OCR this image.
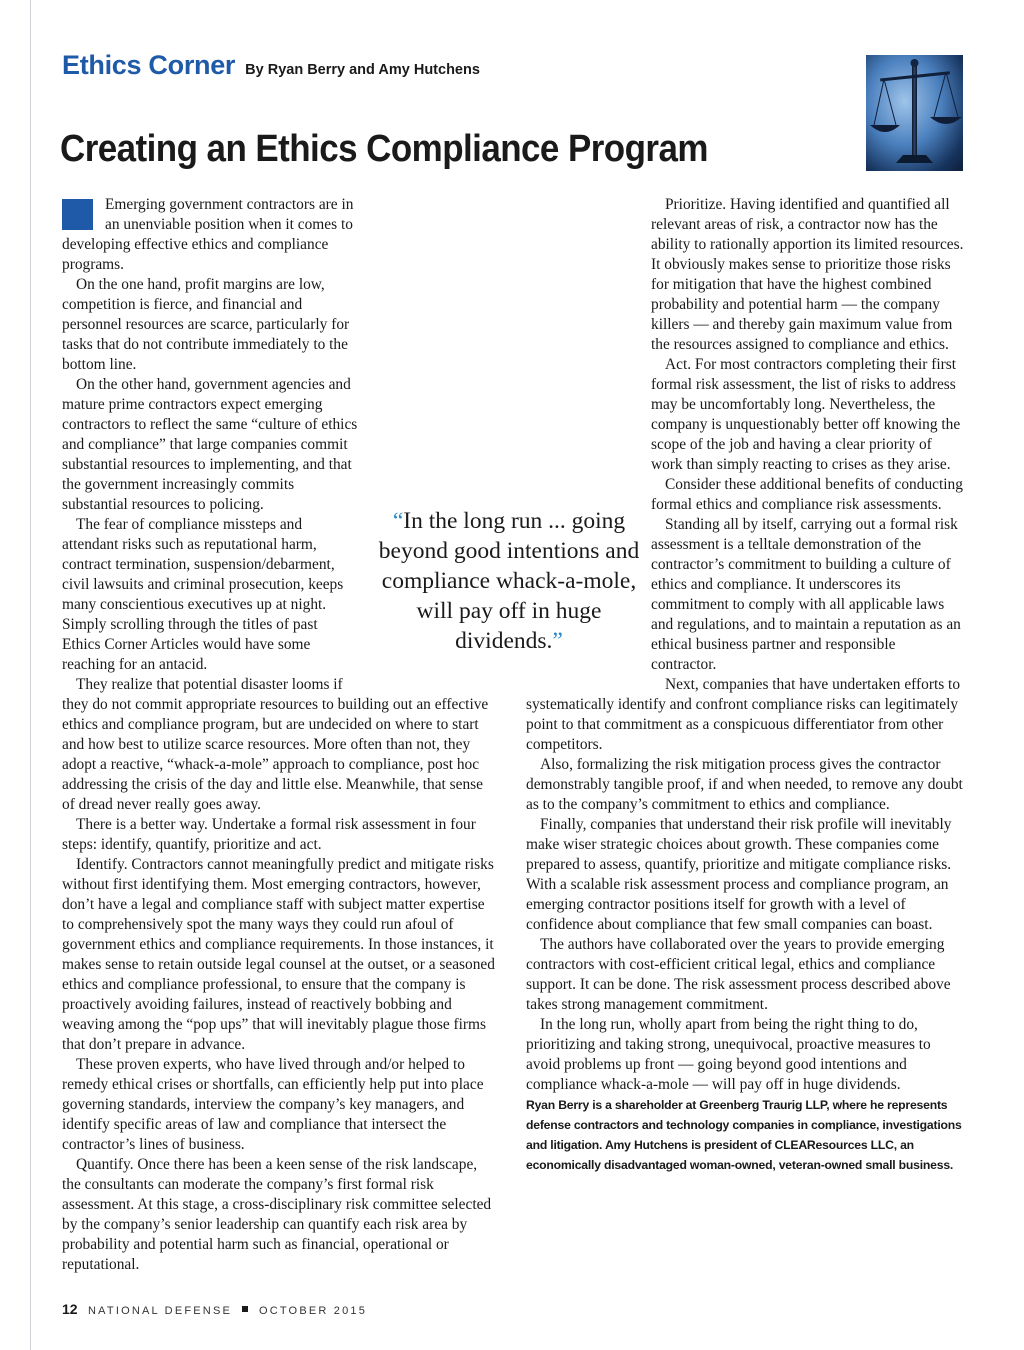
Ethics Corner By Ryan Berry and Amy Hutchens
Creating an Ethics Compliance Program

Emerging government contractors are in an unenviable position when it comes to developing effective ethics and compliance programs.

On the one hand, profit margins are low, competition is fierce, and financial and personnel resources are scarce, particularly for tasks that do not contribute immediately to the bottom line.

On the other hand, government agencies and mature prime contractors expect emerging contractors to reflect the same “culture of ethics and compliance” that large companies commit substantial resources to implementing, and that the government increasingly commits substantial resources to policing.

The fear of compliance missteps and attendant risks such as reputational harm, contract termination, suspension/debarment, civil lawsuits and criminal prosecution, keeps many conscientious executives up at night. Simply scrolling through the titles of past Ethics Corner Articles would have some reaching for an antacid.

They realize that potential disaster looms if they do not commit appropriate resources to building out an effective ethics and compliance program, but are undecided on where to start and how best to utilize scarce resources. More often than not, they adopt a reactive, “whack-a-mole” approach to compliance, post hoc addressing the crisis of the day and little else. Meanwhile, that sense of dread never really goes away.

There is a better way. Undertake a formal risk assessment in four steps: identify, quantify, prioritize and act.

Identify. Contractors cannot meaningfully predict and mitigate risks without first identifying them. Most emerging contractors, however, don’t have a legal and compliance staff with subject matter expertise to comprehensively spot the many ways they could run afoul of government ethics and compliance requirements. In those instances, it makes sense to retain outside legal counsel at the outset, or a seasoned ethics and compliance professional, to ensure that the company is proactively avoiding failures, instead of reactively bobbing and weaving among the “pop ups” that will inevitably plague those firms that don’t prepare in advance.

These proven experts, who have lived through and/or helped to remedy ethical crises or shortfalls, can efficiently help put into place governing standards, interview the company’s key managers, and identify specific areas of law and compliance that intersect the contractor’s lines of business.

Quantify. Once there has been a keen sense of the risk landscape, the consultants can moderate the company’s first formal risk assessment. At this stage, a cross-disciplinary risk committee selected by the company’s senior leadership can quantify each risk area by probability and potential harm such as financial, operational or reputational.

“In the long run ... going beyond good intentions and compliance whack-a-mole, will pay off in huge dividends.”

Prioritize. Having identified and quantified all relevant areas of risk, a contractor now has the ability to rationally apportion its limited resources. It obviously makes sense to prioritize those risks for mitigation that have the highest combined probability and potential harm — the company killers — and thereby gain maximum value from the resources assigned to compliance and ethics.

Act. For most contractors completing their first formal risk assessment, the list of risks to address may be uncomfortably long. Nevertheless, the company is unquestionably better off knowing the scope of the job and having a clear priority of work than simply reacting to crises as they arise.

Consider these additional benefits of conducting formal ethics and compliance risk assessments.

Standing all by itself, carrying out a formal risk assessment is a telltale demonstration of the contractor’s commitment to building a culture of ethics and compliance. It underscores its commitment to comply with all applicable laws and regulations, and to maintain a reputation as an ethical business partner and responsible contractor.

Next, companies that have undertaken efforts to systematically identify and confront compliance risks can legitimately point to that commitment as a conspicuous differentiator from other competitors.

Also, formalizing the risk mitigation process gives the contractor demonstrably tangible proof, if and when needed, to remove any doubt as to the company’s commitment to ethics and compliance.

Finally, companies that understand their risk profile will inevitably make wiser strategic choices about growth. These companies come prepared to assess, quantify, prioritize and mitigate compliance risks. With a scalable risk assessment process and compliance program, an emerging contractor positions itself for growth with a level of confidence about compliance that few small companies can boast.

The authors have collaborated over the years to provide emerging contractors with cost-efficient critical legal, ethics and compliance support. It can be done. The risk assessment process described above takes strong management commitment.

In the long run, wholly apart from being the right thing to do, prioritizing and taking strong, unequivocal, proactive measures to avoid problems up front — going beyond good intentions and compliance whack-a-mole — will pay off in huge dividends.

Ryan Berry is a shareholder at Greenberg Traurig LLP, where he represents defense contractors and technology companies in compliance, investigations and litigation. Amy Hutchens is president of CLEAResources LLC, an economically disadvantaged woman-owned, veteran-owned small business.

12 NATIONAL DEFENSE OCTOBER 2015
